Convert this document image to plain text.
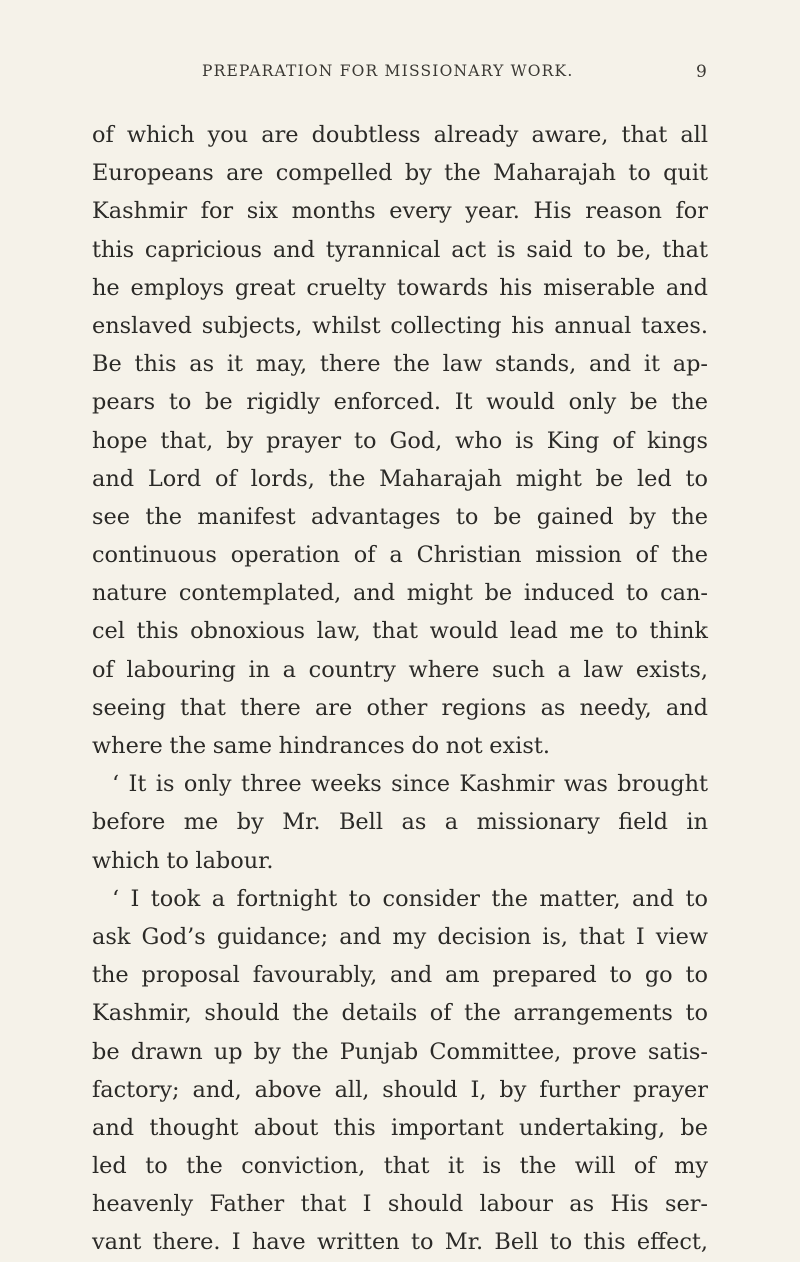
PREPARATION FOR MISSIONARY WORK.	9
of which you are doubtless already aware, that all
Europeans are compelled by the Maharajah to quit
Kashmir for six months every year. His reason for
this capricious and tyrannical act is said to be, that
he employs great cruelty towards his miserable and
enslaved subjects, whilst collecting his annual taxes.
Be this as it may, there the law stands, and it ap-
pears to be rigidly enforced. It would only be the
hope that, by prayer to God, who is King of kings
and Lord of lords, the Maharajah might be led to
see the manifest advantages to be gained by the
continuous operation of a Christian mission of the
nature contemplated, and might be induced to can-
cel this obnoxious law, that would lead me to think
of labouring in a country where such a law exists,
seeing that there are other regions as needy, and
where the same hindrances do not exist.
‘ It is only three weeks since Kashmir was brought
before me by Mr. Bell as a missionary field in
which to labour.
‘ I took a fortnight to consider the matter, and to
ask God’s guidance; and my decision is, that I view
the proposal favourably, and am prepared to go to
Kashmir, should the details of the arrangements to
be drawn up by the Punjab Committee, prove satis-
factory; and, above all, should I, by further prayer
and thought about this important undertaking, be
led to the conviction, that it is the will of my
heavenly Father that I should labour as His ser-
vant there. I have written to Mr. Bell to this effect,
